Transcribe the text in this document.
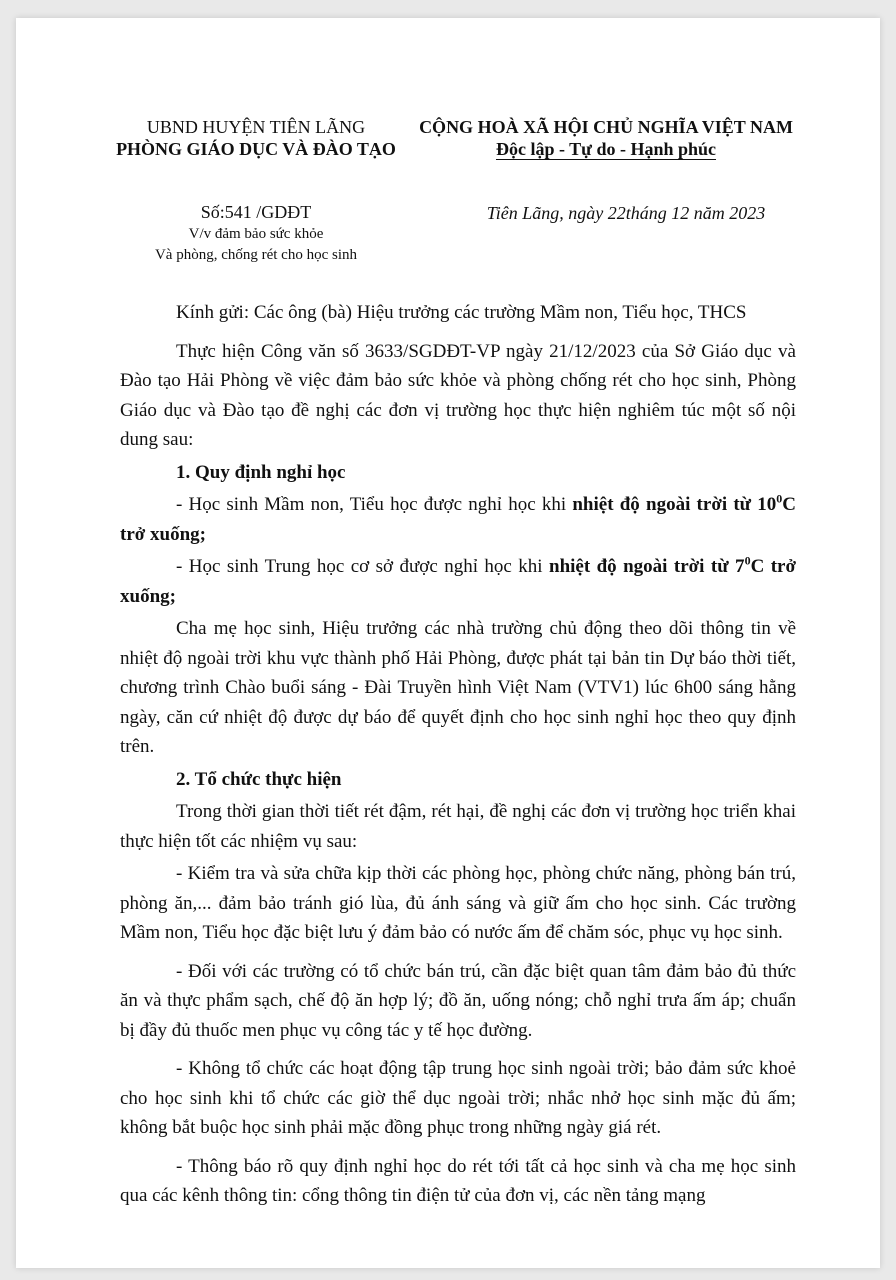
UBND HUYỆN TIÊN LÃNG
PHÒNG GIÁO DỤC VÀ ĐÀO TẠO
CỘNG HOÀ XÃ HỘI CHỦ NGHĨA VIỆT NAM
Độc lập - Tự do - Hạnh phúc
Số:541 /GDĐT
V/v đảm bảo sức khỏe
Và phòng, chống rét cho học sinh
Tiên Lãng, ngày 22tháng 12 năm 2023

Kính gửi: Các ông (bà) Hiệu trưởng các trường Mầm non, Tiểu học, THCS

Thực hiện Công văn số 3633/SGDĐT-VP ngày 21/12/2023 của Sở Giáo dục và Đào tạo Hải Phòng về việc đảm bảo sức khỏe và phòng chống rét cho học sinh, Phòng Giáo dục và Đào tạo đề nghị các đơn vị trường học thực hiện nghiêm túc một số nội dung sau:

1. Quy định nghỉ học

- Học sinh Mầm non, Tiểu học được nghỉ học khi nhiệt độ ngoài trời từ $10^0C$ trở xuống;

- Học sinh Trung học cơ sở được nghỉ học khi nhiệt độ ngoài trời từ $7^0C$ trở xuống;

Cha mẹ học sinh, Hiệu trưởng các nhà trường chủ động theo dõi thông tin về nhiệt độ ngoài trời khu vực thành phố Hải Phòng, được phát tại bản tin Dự báo thời tiết, chương trình Chào buổi sáng - Đài Truyền hình Việt Nam (VTV1) lúc 6h00 sáng hằng ngày, căn cứ nhiệt độ được dự báo để quyết định cho học sinh nghỉ học theo quy định trên.

2. Tổ chức thực hiện

Trong thời gian thời tiết rét đậm, rét hại, đề nghị các đơn vị trường học triển khai thực hiện tốt các nhiệm vụ sau:

- Kiểm tra và sửa chữa kịp thời các phòng học, phòng chức năng, phòng bán trú, phòng ăn,... đảm bảo tránh gió lùa, đủ ánh sáng và giữ ấm cho học sinh. Các trường Mầm non, Tiểu học đặc biệt lưu ý đảm bảo có nước ấm để chăm sóc, phục vụ học sinh.

- Đối với các trường có tổ chức bán trú, cần đặc biệt quan tâm đảm bảo đủ thức ăn và thực phẩm sạch, chế độ ăn hợp lý; đồ ăn, uống nóng; chỗ nghỉ trưa ấm áp; chuẩn bị đầy đủ thuốc men phục vụ công tác y tế học đường.

- Không tổ chức các hoạt động tập trung học sinh ngoài trời; bảo đảm sức khoẻ cho học sinh khi tổ chức các giờ thể dục ngoài trời; nhắc nhở học sinh mặc đủ ấm; không bắt buộc học sinh phải mặc đồng phục trong những ngày giá rét.

- Thông báo rõ quy định nghỉ học do rét tới tất cả học sinh và cha mẹ học sinh qua các kênh thông tin: cổng thông tin điện tử của đơn vị, các nền tảng mạng
